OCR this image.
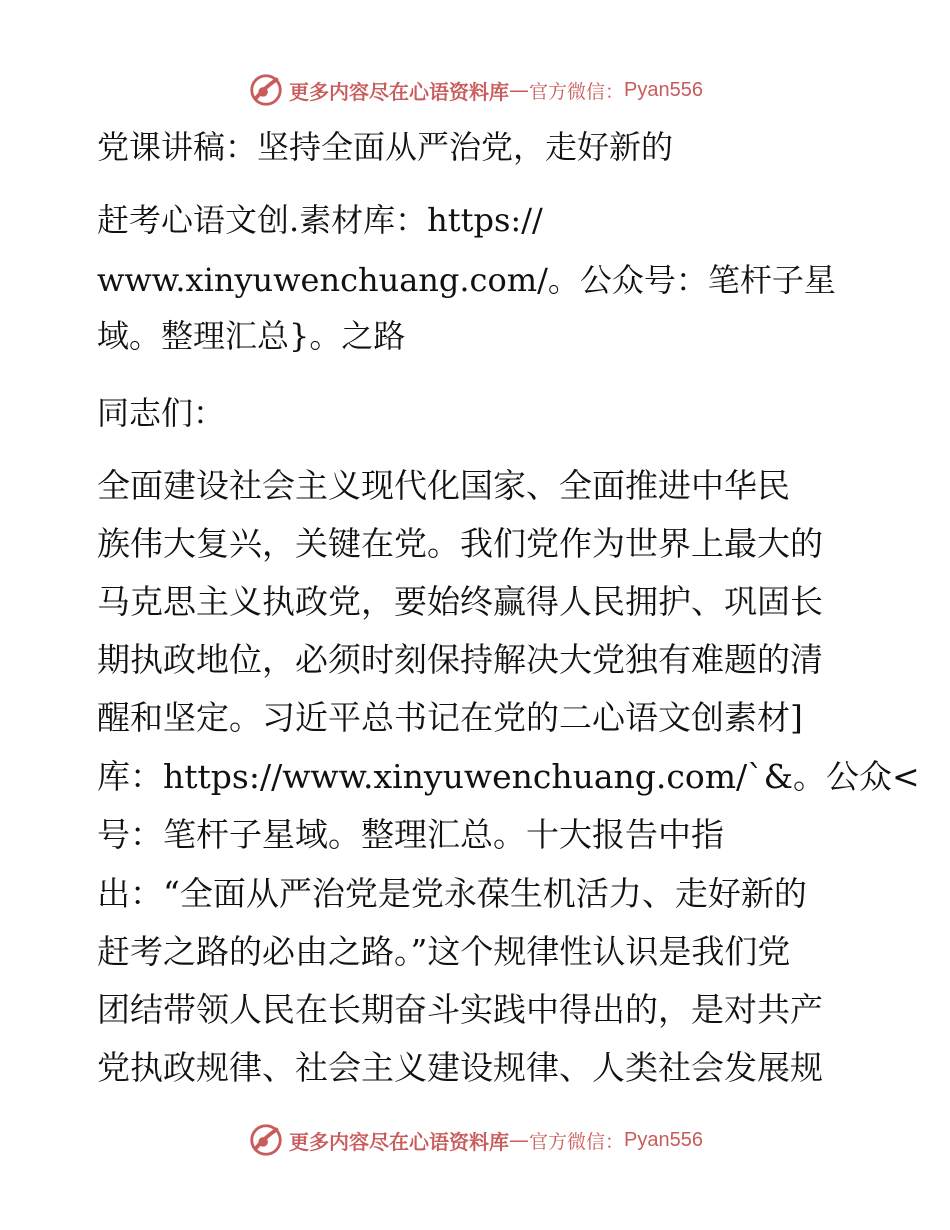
更多内容尽在心语资料库 — 官方微信： Pyan556
党课讲稿：坚持全面从严治党，走好新的
赶考心语文创.素材库：https://
www.xinyuwenchuang.com/。公众号：笔杆子星
域。整理汇总}。之路
同志们：
全面建设社会主义现代化国家、全面推进中华民
族伟大复兴，关键在党。我们党作为世界上最大的
马克思主义执政党，要始终赢得人民拥护、巩固长
期执政地位，必须时刻保持解决大党独有难题的清
醒和坚定。习近平总书记在党的二心语文创素材]
库：https://www.xinyuwenchuang.com/`&。公众<
号：笔杆子星域。整理汇总。十大报告中指
出：“全面从严治党是党永葆生机活力、走好新的
赶考之路的必由之路。”这个规律性认识是我们党
团结带领人民在长期奋斗实践中得出的，是对共产
党执政规律、社会主义建设规律、人类社会发展规
更多内容尽在心语资料库 — 官方微信： Pyan556
